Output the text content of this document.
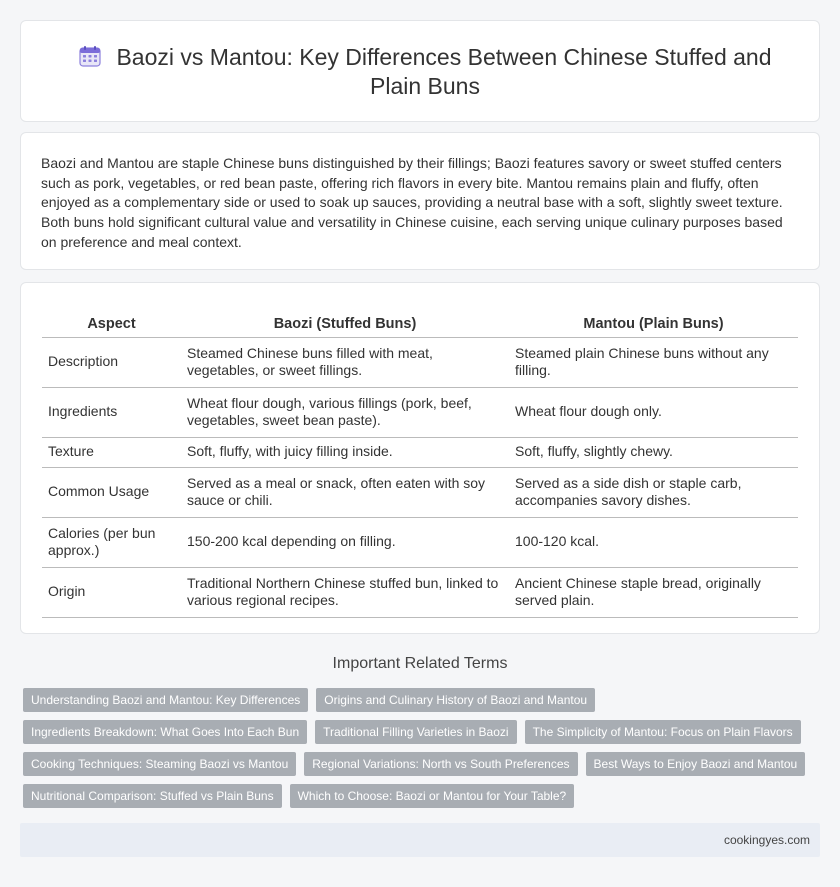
Baozi vs Mantou: Key Differences Between Chinese Stuffed and Plain Buns

Baozi and Mantou are staple Chinese buns distinguished by their fillings; Baozi features savory or sweet stuffed centers such as pork, vegetables, or red bean paste, offering rich flavors in every bite. Mantou remains plain and fluffy, often enjoyed as a complementary side or used to soak up sauces, providing a neutral base with a soft, slightly sweet texture. Both buns hold significant cultural value and versatility in Chinese cuisine, each serving unique culinary purposes based on preference and meal context.

Aspect	Baozi (Stuffed Buns)	Mantou (Plain Buns)
Description	Steamed Chinese buns filled with meat, vegetables, or sweet fillings.	Steamed plain Chinese buns without any filling.
Ingredients	Wheat flour dough, various fillings (pork, beef, vegetables, sweet bean paste).	Wheat flour dough only.
Texture	Soft, fluffy, with juicy filling inside.	Soft, fluffy, slightly chewy.
Common Usage	Served as a meal or snack, often eaten with soy sauce or chili.	Served as a side dish or staple carb, accompanies savory dishes.
Calories (per bun approx.)	150-200 kcal depending on filling.	100-120 kcal.
Origin	Traditional Northern Chinese stuffed bun, linked to various regional recipes.	Ancient Chinese staple bread, originally served plain.
Important Related Terms
Understanding Baozi and Mantou: Key Differences	Origins and Culinary History of Baozi and Mantou
Ingredients Breakdown: What Goes Into Each Bun	Traditional Filling Varieties in Baozi	The Simplicity of Mantou: Focus on Plain Flavors
Cooking Techniques: Steaming Baozi vs Mantou	Regional Variations: North vs South Preferences	Best Ways to Enjoy Baozi and Mantou
Nutritional Comparison: Stuffed vs Plain Buns	Which to Choose: Baozi or Mantou for Your Table?
cookingyes.com
